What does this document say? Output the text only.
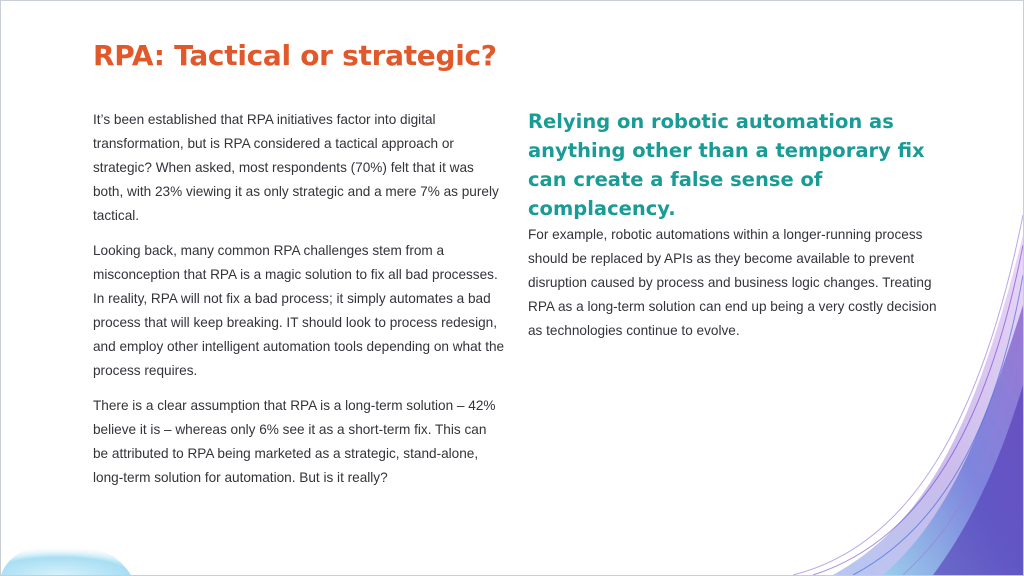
RPA: Tactical or strategic?

It’s been established that RPA initiatives factor into digital transformation, but is RPA considered a tactical approach or strategic? When asked, most respondents (70%) felt that it was both, with 23% viewing it as only strategic and a mere 7% as purely tactical.

Looking back, many common RPA challenges stem from a misconception that RPA is a magic solution to fix all bad processes. In reality, RPA will not fix a bad process; it simply automates a bad process that will keep breaking. IT should look to process redesign, and employ other intelligent automation tools depending on what the process requires.

There is a clear assumption that RPA is a long-term solution – 42% believe it is – whereas only 6% see it as a short-term fix. This can be attributed to RPA being marketed as a strategic, stand-alone, long-term solution for automation. But is it really?

Relying on robotic automation as anything other than a temporary fix can create a false sense of complacency.

For example, robotic automations within a longer-running process should be replaced by APIs as they become available to prevent disruption caused by process and business logic changes. Treating RPA as a long-term solution can end up being a very costly decision as technologies continue to evolve.
